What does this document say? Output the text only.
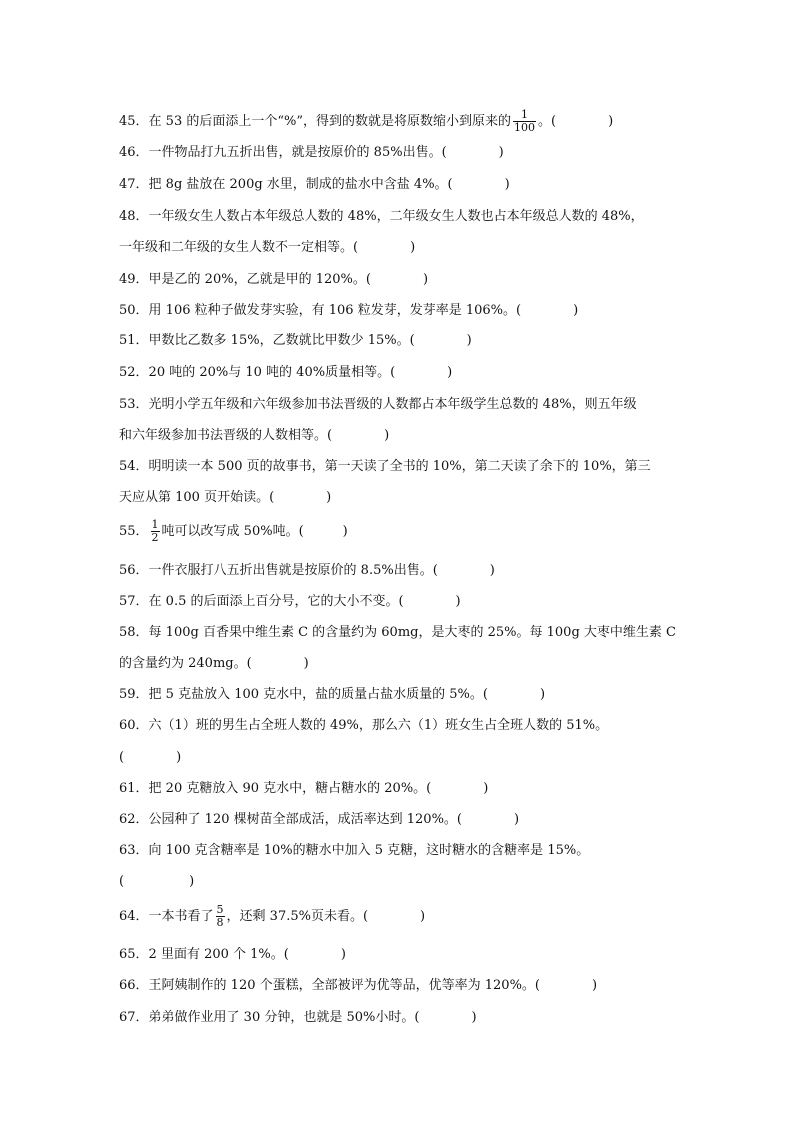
45．在 53 的后面添上一个“%”，得到的数就是将原数缩小到原来的 $\frac{1}{100}$ 。(　　　　)
46．一件物品打九五折出售，就是按原价的 85%出售。(　　　　)
47．把 8g 盐放在 200g 水里，制成的盐水中含盐 4%。(　　　　)
48．一年级女生人数占本年级总人数的 48%，二年级女生人数也占本年级总人数的 48%，
一年级和二年级的女生人数不一定相等。(　　　　)
49．甲是乙的 20%，乙就是甲的 120%。(　　　　)
50．用 106 粒种子做发芽实验，有 106 粒发芽，发芽率是 106%。(　　　　)
51．甲数比乙数多 15%，乙数就比甲数少 15%。(　　　　)
52．20 吨的 20%与 10 吨的 40%质量相等。(　　　　)
53．光明小学五年级和六年级参加书法晋级的人数都占本年级学生总数的 48%，则五年级
和六年级参加书法晋级的人数相等。(　　　　)
54．明明读一本 500 页的故事书，第一天读了全书的 10%，第二天读了余下的 10%，第三
天应从第 100 页开始读。(　　　　)
55． $\frac{1}{2}$ 吨可以改写成 50%吨。(　　　)
56．一件衣服打八五折出售就是按原价的 8.5%出售。(　　　　)
57．在 0.5 的后面添上百分号，它的大小不变。(　　　　)
58．每 100g 百香果中维生素 C 的含量约为 60mg，是大枣的 25%。每 100g 大枣中维生素 C
的含量约为 240mg。(　　　　)
59．把 5 克盐放入 100 克水中，盐的质量占盐水质量的 5%。(　　　　)
60．六（1）班的男生占全班人数的 49%，那么六（1）班女生占全班人数的 51%。
(　　　　)
61．把 20 克糖放入 90 克水中，糖占糖水的 20%。(　　　　)
62．公园种了 120 棵树苗全部成活，成活率达到 120%。(　　　　)
63．向 100 克含糖率是 10%的糖水中加入 5 克糖，这时糖水的含糖率是 15%。
(　　　　　)
64．一本书看了 $\frac{5}{8}$ ，还剩 37.5%页未看。(　　　　)
65．2 里面有 200 个 1%。(　　　　)
66．王阿姨制作的 120 个蛋糕，全部被评为优等品，优等率为 120%。(　　　　)
67．弟弟做作业用了 30 分钟，也就是 50%小时。(　　　　)
